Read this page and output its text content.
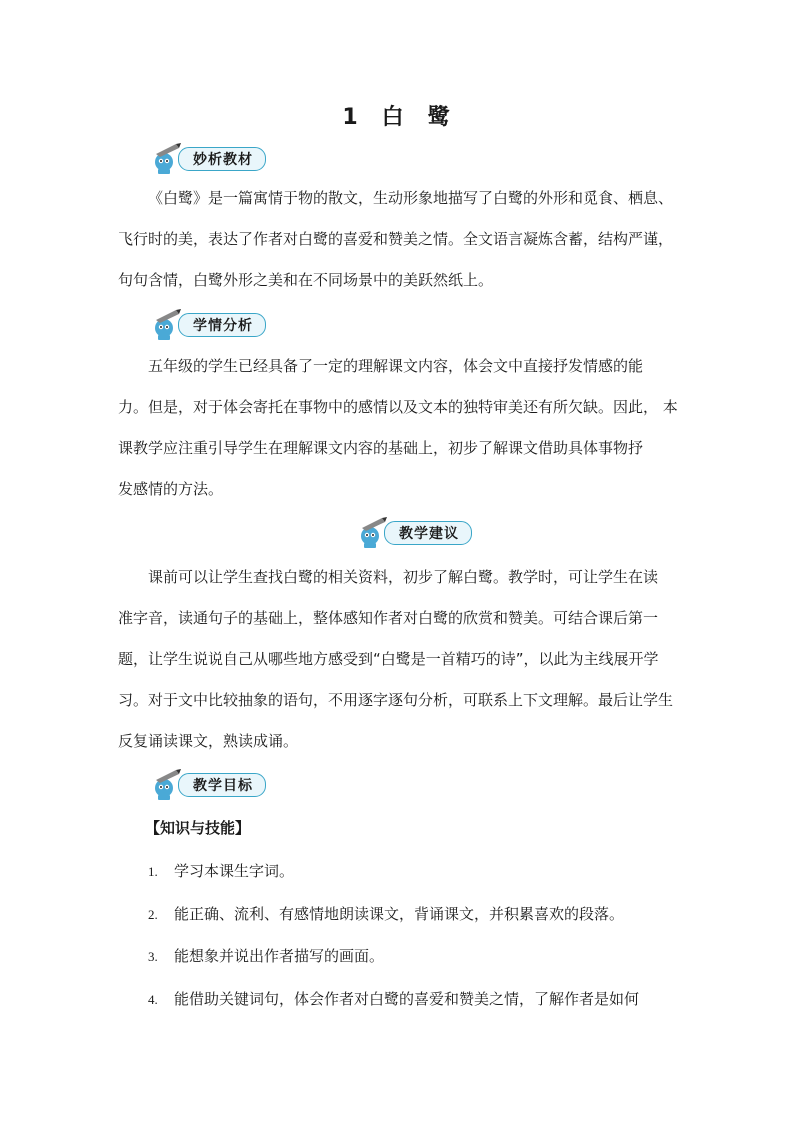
1 白 鹭
妙析教材

《白鹭》是一篇寓情于物的散文，生动形象地描写了白鹭的外形和觅食、栖息、

飞行时的美，表达了作者对白鹭的喜爱和赞美之情。全文语言凝炼含蓄，结构严谨，

句句含情，白鹭外形之美和在不同场景中的美跃然纸上。

学情分析

五年级的学生已经具备了一定的理解课文内容，体会文中直接抒发情感的能

力。但是，对于体会寄托在事物中的感情以及文本的独特审美还有所欠缺。因此， 本

课教学应注重引导学生在理解课文内容的基础上，初步了解课文借助具体事物抒

发感情的方法。

教学建议

课前可以让学生查找白鹭的相关资料，初步了解白鹭。教学时，可让学生在读

准字音，读通句子的基础上，整体感知作者对白鹭的欣赏和赞美。可结合课后第一

题，让学生说说自己从哪些地方感受到“白鹭是一首精巧的诗”，以此为主线展开学

习。对于文中比较抽象的语句，不用逐字逐句分析，可联系上下文理解。最后让学生

反复诵读课文，熟读成诵。

教学目标
【知识与技能】
1. 学习本课生字词。
2. 能正确、流利、有感情地朗读课文，背诵课文，并积累喜欢的段落。
3. 能想象并说出作者描写的画面。
4. 能借助关键词句，体会作者对白鹭的喜爱和赞美之情，了解作者是如何
